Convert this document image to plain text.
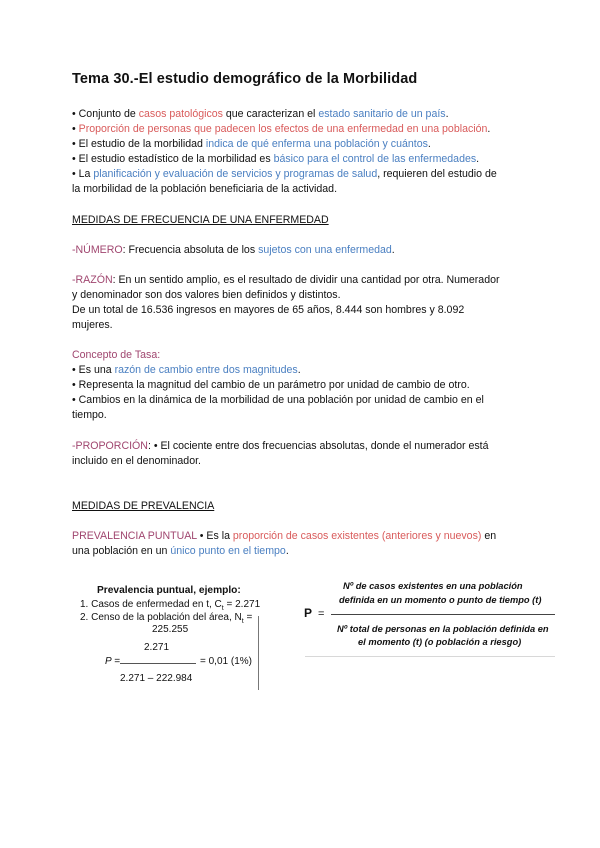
Tema 30.-El estudio demográfico de la Morbilidad
• Conjunto de casos patológicos que caracterizan el estado sanitario de un país.
• Proporción de personas que padecen los efectos de una enfermedad en una población.
• El estudio de la morbilidad indica de qué enferma una población y cuántos.
• El estudio estadístico de la morbilidad es básico para el control de las enfermedades.
• La planificación y evaluación de servicios y programas de salud, requieren del estudio de
la morbilidad de la población beneficiaria de la actividad.
MEDIDAS DE FRECUENCIA DE UNA ENFERMEDAD
-NÚMERO: Frecuencia absoluta de los sujetos con una enfermedad.
-RAZÓN: En un sentido amplio, es el resultado de dividir una cantidad por otra. Numerador
y denominador son dos valores bien definidos y distintos.
De un total de 16.536 ingresos en mayores de 65 años, 8.444 son hombres y 8.092
mujeres.
Concepto de Tasa:
• Es una razón de cambio entre dos magnitudes.
• Representa la magnitud del cambio de un parámetro por unidad de cambio de otro.
• Cambios en la dinámica de la morbilidad de una población por unidad de cambio en el
tiempo.
-PROPORCIÓN: • El cociente entre dos frecuencias absolutas, donde el numerador está
incluido en el denominador.
MEDIDAS DE PREVALENCIA
PREVALENCIA PUNTUAL • Es la proporción de casos existentes (anteriores y nuevos) en
una población en un único punto en el tiempo.
Prevalencia puntual, ejemplo:
1. Casos de enfermedad en t, $C_t = 2.271$
2. Censo de la población del área, $N_t$ =
225.255
2.271
P =	= 0,01 (1%)
2.271 – 222.984
P =
Nº de casos existentes en una población
definida en un momento o punto de tiempo (t)
Nº total de personas en la población definida en
el momento (t) (o población a riesgo)
